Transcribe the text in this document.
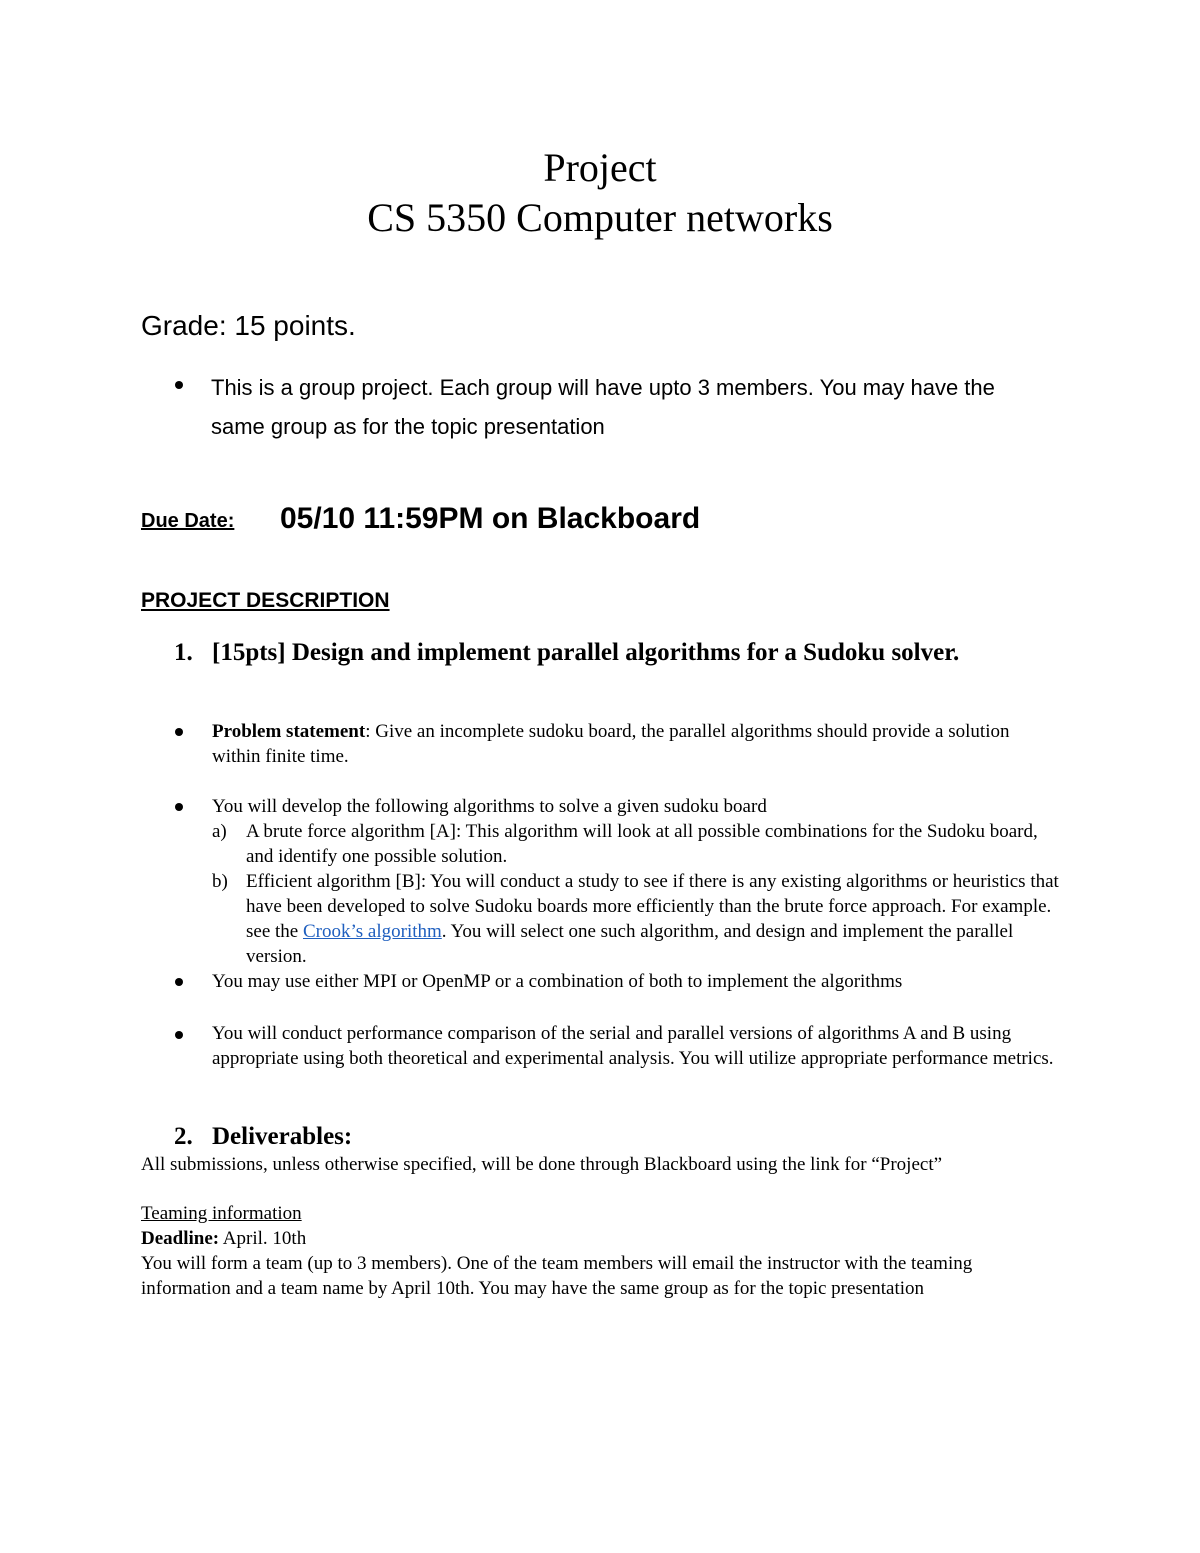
Project
CS 5350 Computer networks
Grade: 15 points.
This is a group project. Each group will have upto 3 members. You may have the same group as for the topic presentation
Due Date: 05/10 11:59PM on Blackboard
PROJECT DESCRIPTION
1. [15pts] Design and implement parallel algorithms for a Sudoku solver.
Problem statement: Give an incomplete sudoku board, the parallel algorithms should provide a solution within finite time.
You will develop the following algorithms to solve a given sudoku board
a) A brute force algorithm [A]: This algorithm will look at all possible combinations for the Sudoku board, and identify one possible solution.
b) Efficient algorithm [B]: You will conduct a study to see if there is any existing algorithms or heuristics that have been developed to solve Sudoku boards more efficiently than the brute force approach. For example. see the Crook’s algorithm. You will select one such algorithm, and design and implement the parallel version.
You may use either MPI or OpenMP or a combination of both to implement the algorithms
You will conduct performance comparison of the serial and parallel versions of algorithms A and B using appropriate using both theoretical and experimental analysis. You will utilize appropriate performance metrics.
2. Deliverables:
All submissions, unless otherwise specified, will be done through Blackboard using the link for “Project”
Teaming information
Deadline: April. 10th
You will form a team (up to 3 members). One of the team members will email the instructor with the teaming information and a team name by April 10th. You may have the same group as for the topic presentation
